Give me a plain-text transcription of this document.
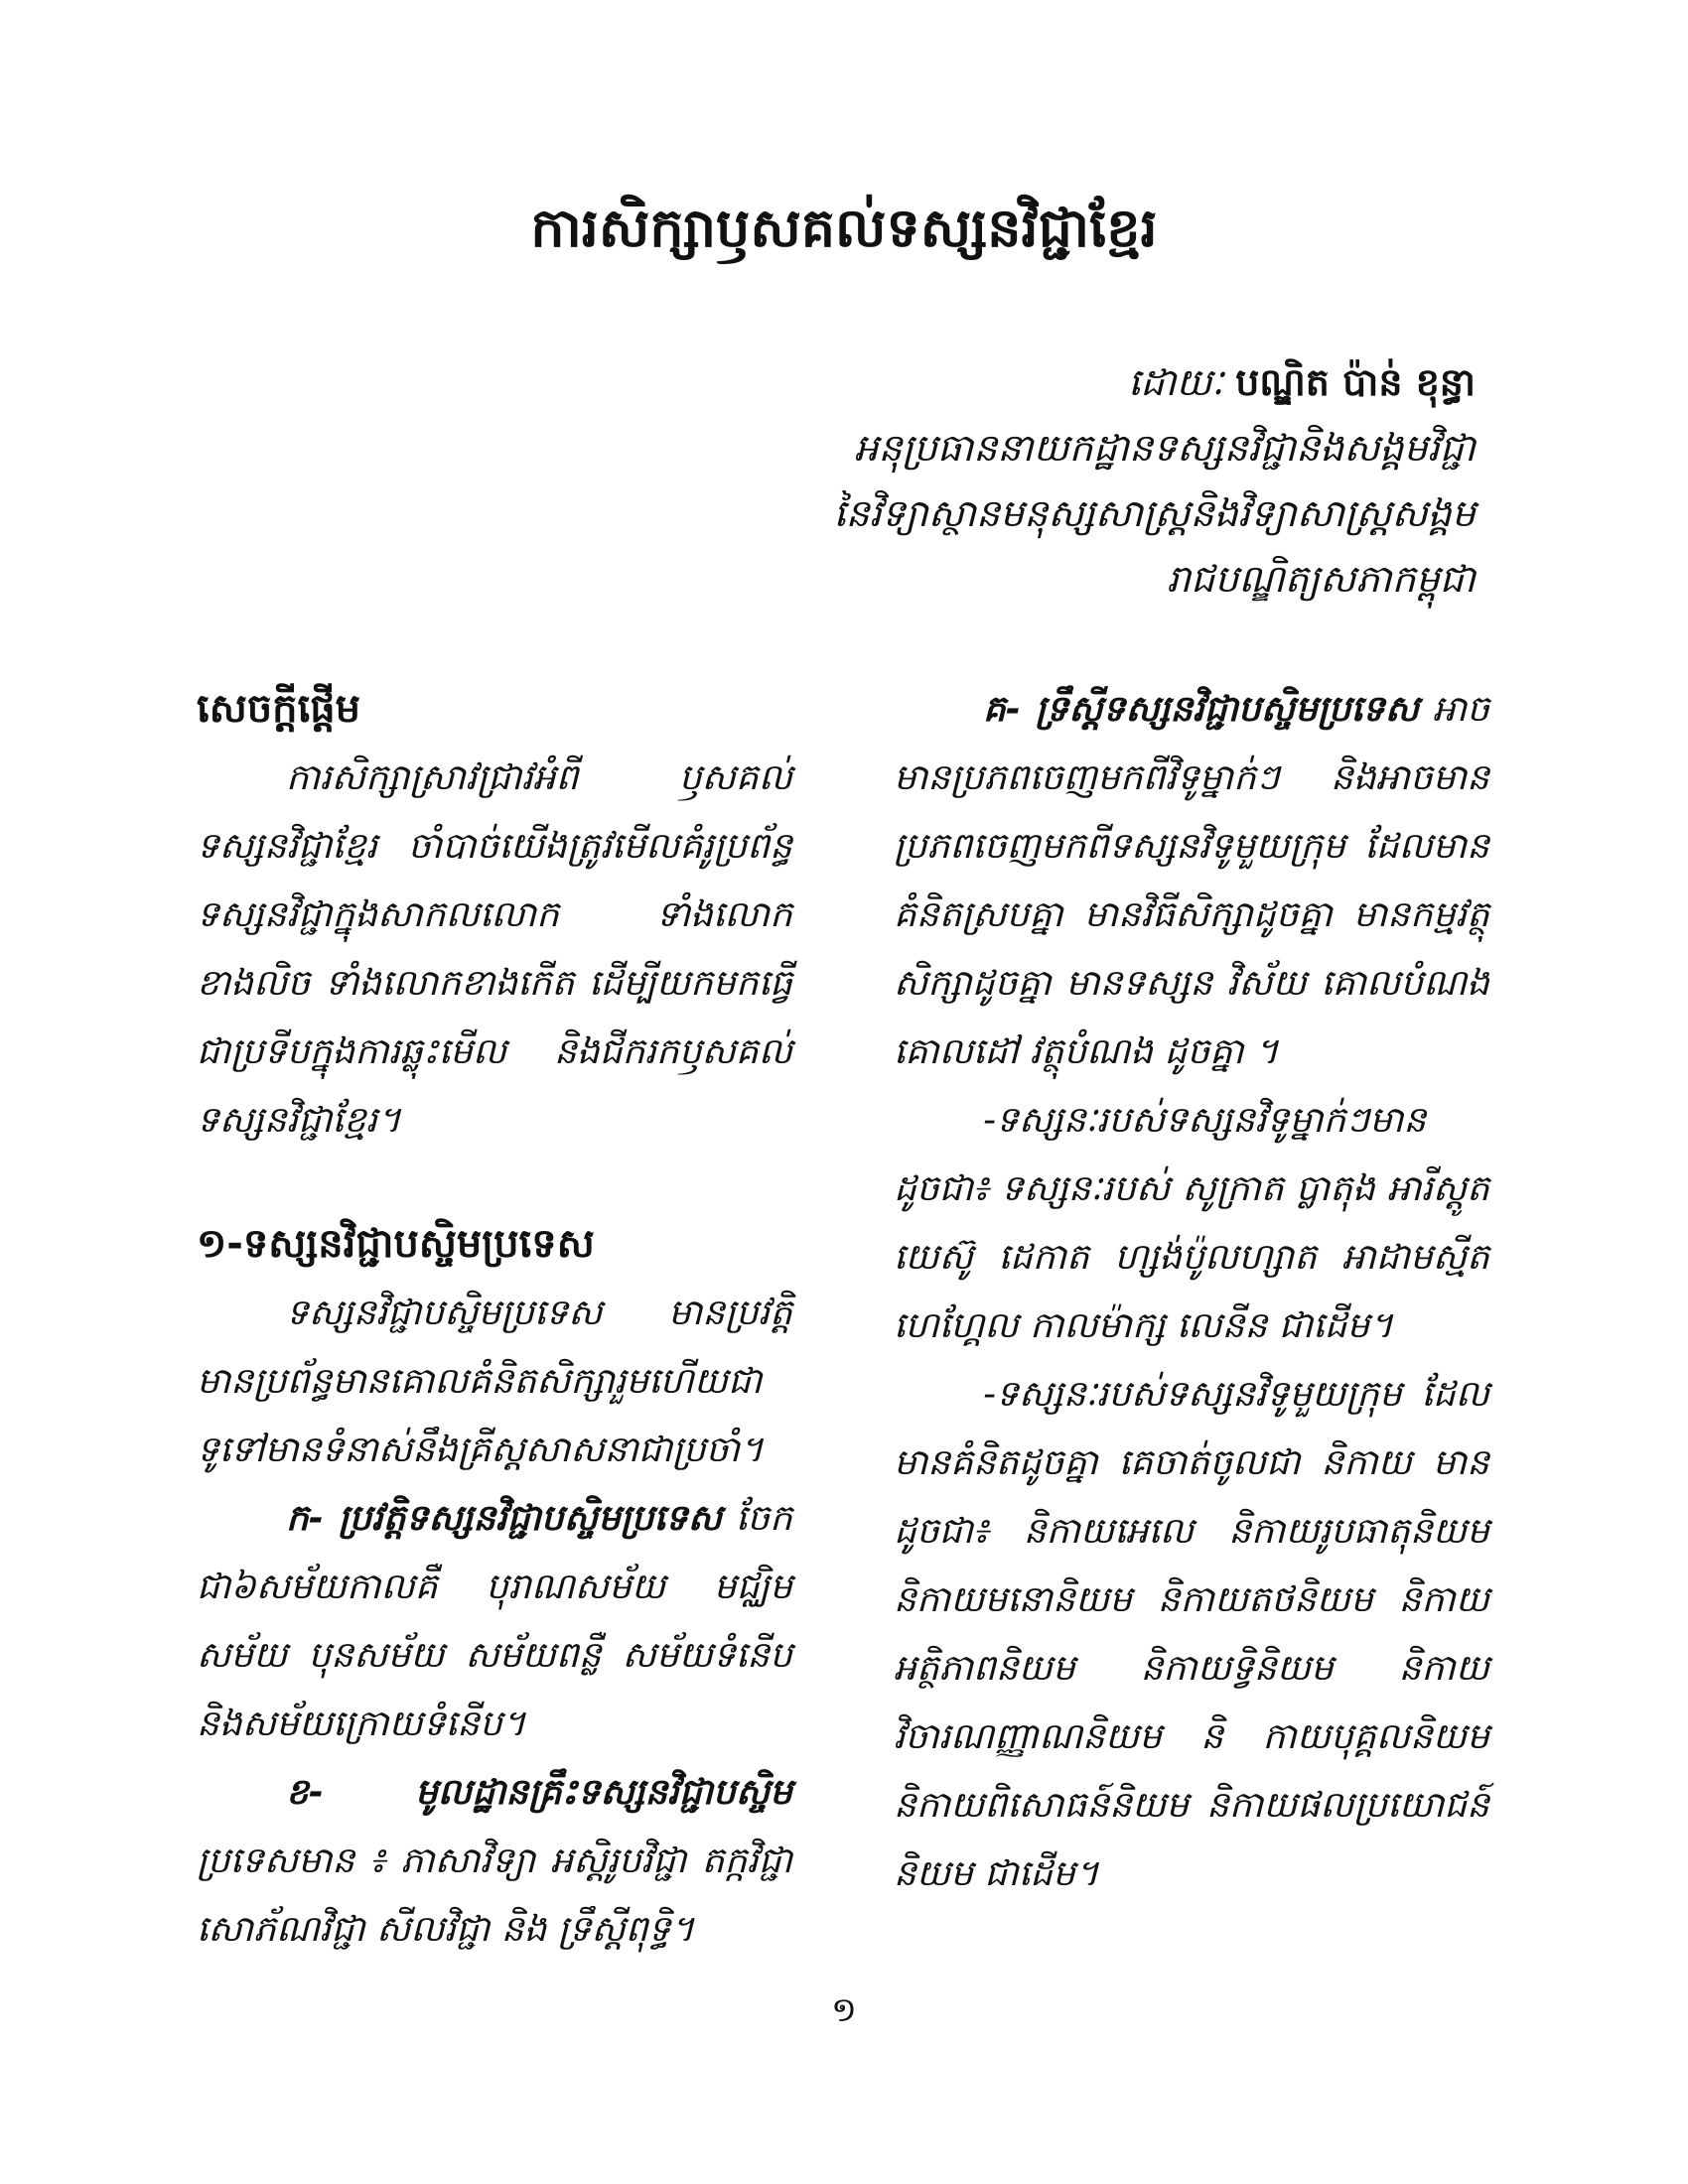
ការសិក្សាឫសគល់ទស្សនវិជ្ជាខ្មែរ
ដោយៈ បណ្ឌិត ប៉ាន់ ខុន្ធា
អនុប្រធាននាយកដ្ឋានទស្សនវិជ្ជានិងសង្គមវិជ្ជា
នៃវិទ្យាស្ថានមនុស្សសាស្ត្រនិងវិទ្យាសាស្ត្រសង្គម
រាជបណ្ឌិត្យសភាកម្ពុជា
សេចក្ដីផ្ដើម

ការសិក្សាស្រាវជ្រាវអំពី ឫសគល់ទស្សនវិជ្ជាខ្មែរ ចាំបាច់យើងត្រូវមើលគំរូប្រព័ន្ធទស្សនវិជ្ជាក្នុងសាកលលោក ទាំងលោកខាងលិច ទាំងលោកខាងកើត ដើម្បីយកមកធ្វើជាប្រទីបក្នុងការឆ្លុះមើល និងជីករកឫសគល់ទស្សនវិជ្ជាខ្មែរ។

១-ទស្សនវិជ្ជាបស្ចិមប្រទេស

ទស្សនវិជ្ជាបស្ចិមប្រទេស មានប្រវត្តិមានប្រព័ន្ធមានគោលគំនិតសិក្សារួមហើយជាទូទៅមានទំនាស់នឹងគ្រីស្តសាសនាជាប្រចាំ។

ក- ប្រវត្តិទស្សនវិជ្ជាបស្ចិមប្រទេស ចែកជា៦សម័យកាលគឺ បុរាណសម័យ មជ្ឈិមសម័យ បុនសម័យ សម័យពន្លឺ សម័យទំនើប និងសម័យក្រោយទំនើប។

ខ- មូលដ្ឋានគ្រឹះទស្សនវិជ្ជាបស្ចិម ប្រទេសមាន ៖ ភាសាវិទ្យា អស្តិរូបវិជ្ជា តក្កវិជ្ជា សោភ័ណវិជ្ជា សីលវិជ្ជា និង ទ្រឹស្តីពុទ្ធិ។

គ- ទ្រឹស្តីទស្សនវិជ្ជាបស្ចិមប្រទេស អាចមានប្រភពចេញមកពីវិទូម្នាក់ៗ និងអាចមានប្រភពចេញមកពីទស្សនវិទូមួយក្រុម ដែលមានគំនិតស្របគ្នា មានវិធីសិក្សាដូចគ្នា មានកម្មវត្ថុសិក្សាដូចគ្នា មានទស្សន វិស័យ គោលបំណងគោលដៅ វត្ថុបំណង ដូចគ្នា ។

-ទស្សនៈរបស់ទស្សនវិទូម្នាក់ៗមានដូចជា៖ ទស្សនៈរបស់ សូក្រាត ប្លាតុង អារីស្តូត យេស៊ូ ដេកាត ហ្សង់ប៉ូលហ្សាត អាដាមស្មីត ហេហ្គែល កាលម៉ាក្ស លេនីន ជាដើម។

-ទស្សនៈរបស់ទស្សនវិទូមួយក្រុម ដែលមានគំនិតដូចគ្នា គេចាត់ចូលជា និកាយ មានដូចជា៖ និកាយអេលេ និកាយរូបធាតុនិយម និកាយមនោនិយម និកាយតថនិយម និកាយអត្ថិភាពនិយម និកាយទ្វិនិយម និកាយវិចារណញ្ញាណនិយម និ កាយបុគ្គលនិយម និកាយពិសោធន៍និយម និកាយផលប្រយោជន៍និយម ជាដើម។

១
